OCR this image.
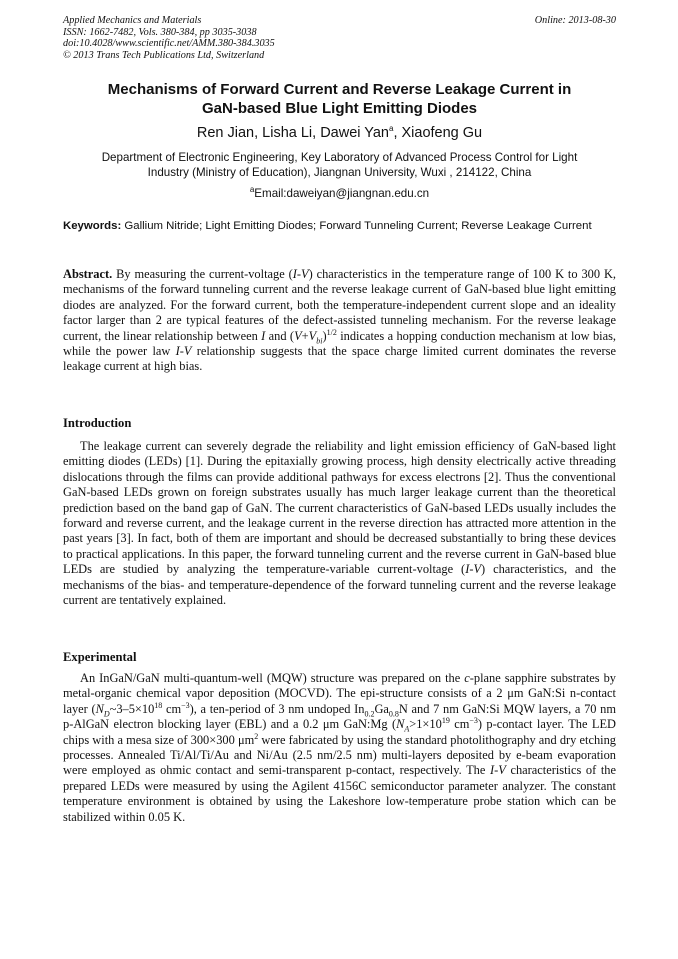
Applied Mechanics and Materials
ISSN: 1662-7482, Vols. 380-384, pp 3035-3038
doi:10.4028/www.scientific.net/AMM.380-384.3035
© 2013 Trans Tech Publications Ltd, Switzerland
Online: 2013-08-30
Mechanisms of Forward Current and Reverse Leakage Current in
GaN-based Blue Light Emitting Diodes
Ren Jian, Lisha Li, Dawei Yan$^a$, Xiaofeng Gu
Department of Electronic Engineering, Key Laboratory of Advanced Process Control for Light
Industry (Ministry of Education), Jiangnan University, Wuxi , 214122, China
$^a$Email:daweiyan@jiangnan.edu.cn
Keywords: Gallium Nitride; Light Emitting Diodes; Forward Tunneling Current; Reverse Leakage Current
Abstract. By measuring the current-voltage (I-V) characteristics in the temperature range of 100 K to 300 K, mechanisms of the forward tunneling current and the reverse leakage current of GaN-based blue light emitting diodes are analyzed. For the forward current, both the temperature-independent current slope and an ideality factor larger than 2 are typical features of the defect-assisted tunneling mechanism. For the reverse leakage current, the linear relationship between I and $(V+V_{bi})^{1/2}$ indicates a hopping conduction mechanism at low bias, while the power law I-V relationship suggests that the space charge limited current dominates the reverse leakage current at high bias.
Introduction
The leakage current can severely degrade the reliability and light emission efficiency of GaN-based light emitting diodes (LEDs) [1]. During the epitaxially growing process, high density electrically active threading dislocations through the films can provide additional pathways for excess electrons [2]. Thus the conventional GaN-based LEDs grown on foreign substrates usually has much larger leakage current than the theoretical prediction based on the band gap of GaN. The current characteristics of GaN-based LEDs usually includes the forward and reverse current, and the leakage current in the reverse direction has attracted more attention in the past years [3]. In fact, both of them are important and should be decreased substantially to bring these devices to practical applications. In this paper, the forward tunneling current and the reverse current in GaN-based blue LEDs are studied by analyzing the temperature-variable current-voltage (I-V) characteristics, and the mechanisms of the bias- and temperature-dependence of the forward tunneling current and the reverse leakage current are tentatively explained.
Experimental
An InGaN/GaN multi-quantum-well (MQW) structure was prepared on the c-plane sapphire substrates by metal-organic chemical vapor deposition (MOCVD). The epi-structure consists of a 2 μm GaN:Si n-contact layer ($N_D\sim 3-5\times 10^{18}$ $cm^{-3}$), a ten-period of 3 nm undoped $In_{0.2}Ga_{0.8}N$ and 7 nm GaN:Si MQW layers, a 70 nm p-AlGaN electron blocking layer (EBL) and a 0.2 μm GaN:Mg ($N_A>1\times 10^{19}$ $cm^{-3}$) p-contact layer. The LED chips with a mesa size of 300×300 $\mu m^2$ were fabricated by using the standard photolithography and dry etching processes. Annealed Ti/Al/Ti/Au and Ni/Au (2.5 nm/2.5 nm) multi-layers deposited by e-beam evaporation were employed as ohmic contact and semi-transparent p-contact, respectively. The I-V characteristics of the prepared LEDs were measured by using the Agilent 4156C semiconductor parameter analyzer. The constant temperature environment is obtained by using the Lakeshore low-temperature probe station which can be stabilized within 0.05 K.
